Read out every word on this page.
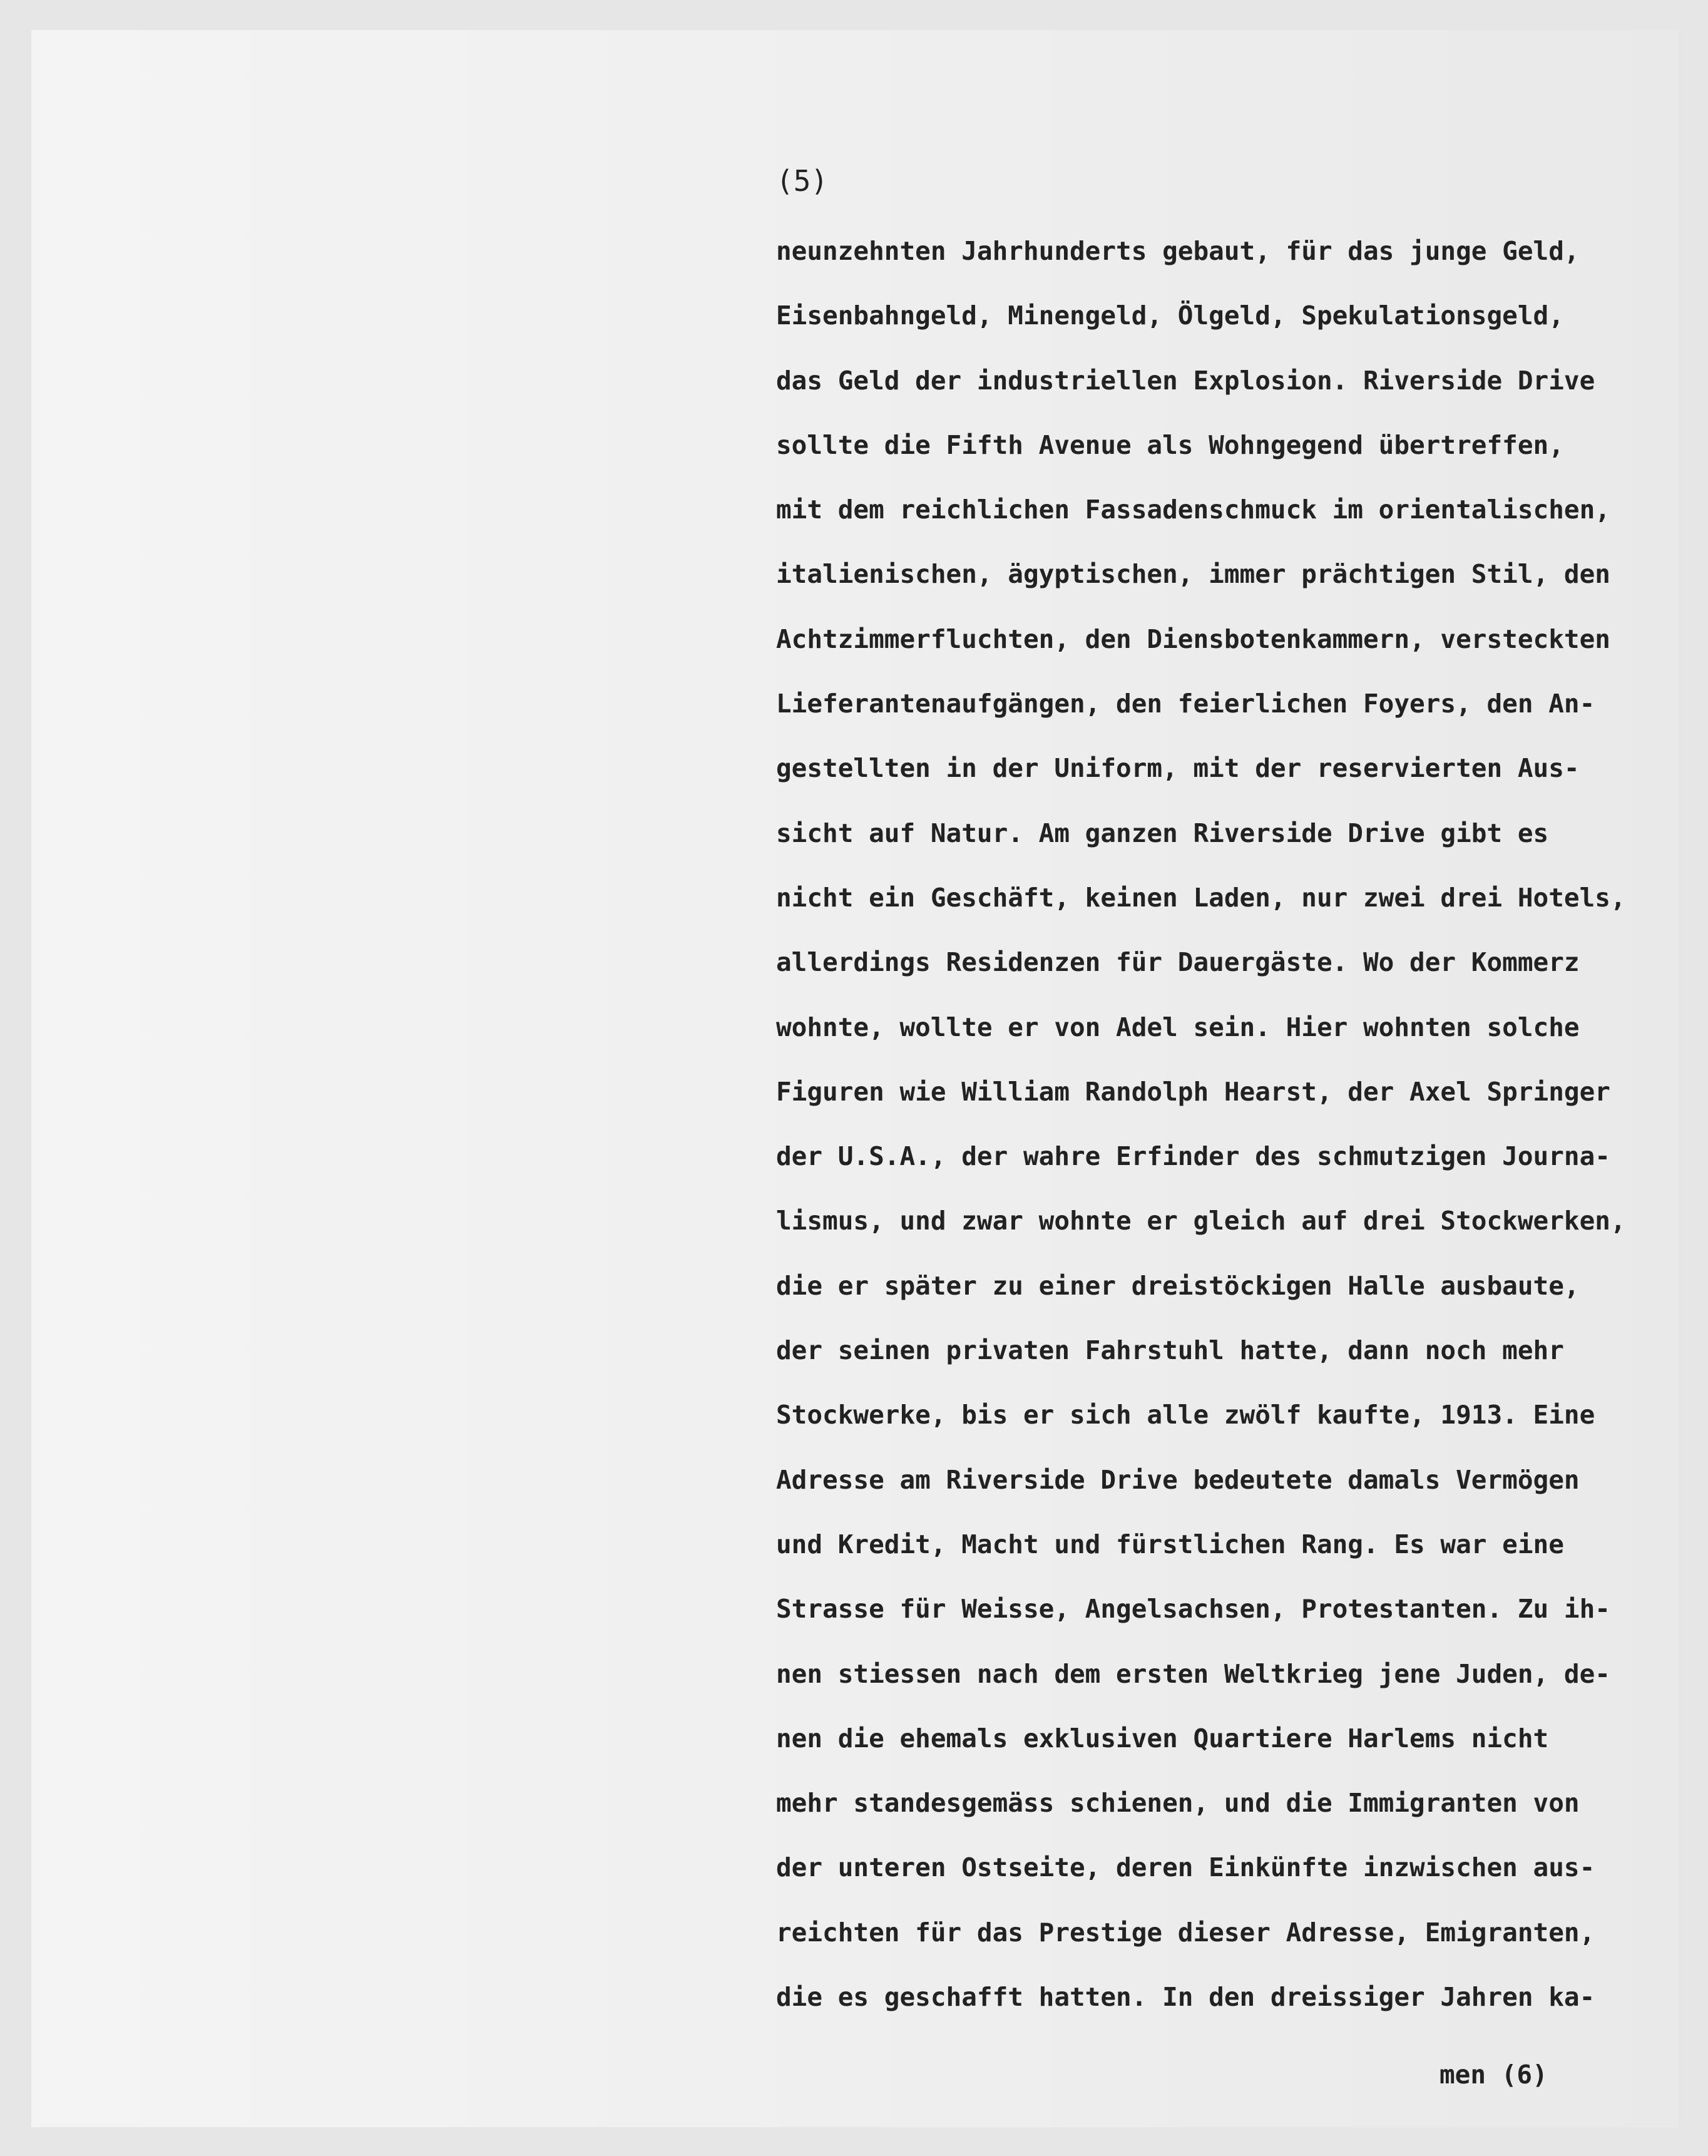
(5)
neunzehnten Jahrhunderts gebaut, für das junge Geld,
Eisenbahngeld, Minengeld, Ölgeld, Spekulationsgeld,
das Geld der industriellen Explosion. Riverside Drive
sollte die Fifth Avenue als Wohngegend übertreffen,
mit dem reichlichen Fassadenschmuck im orientalischen,
italienischen, ägyptischen, immer prächtigen Stil, den
Achtzimmerfluchten, den Diensbotenkammern, versteckten
Lieferantenaufgängen, den feierlichen Foyers, den An-
gestellten in der Uniform, mit der reservierten Aus-
sicht auf Natur. Am ganzen Riverside Drive gibt es
nicht ein Geschäft, keinen Laden, nur zwei drei Hotels,
allerdings Residenzen für Dauergäste. Wo der Kommerz
wohnte, wollte er von Adel sein. Hier wohnten solche
Figuren wie William Randolph Hearst, der Axel Springer
der U.S.A., der wahre Erfinder des schmutzigen Journa-
lismus, und zwar wohnte er gleich auf drei Stockwerken,
die er später zu einer dreistöckigen Halle ausbaute,
der seinen privaten Fahrstuhl hatte, dann noch mehr
Stockwerke, bis er sich alle zwölf kaufte, 1913. Eine
Adresse am Riverside Drive bedeutete damals Vermögen
und Kredit, Macht und fürstlichen Rang. Es war eine
Strasse für Weisse, Angelsachsen, Protestanten. Zu ih-
nen stiessen nach dem ersten Weltkrieg jene Juden, de-
nen die ehemals exklusiven Quartiere Harlems nicht
mehr standesgemäss schienen, und die Immigranten von
der unteren Ostseite, deren Einkünfte inzwischen aus-
reichten für das Prestige dieser Adresse, Emigranten,
die es geschafft hatten. In den dreissiger Jahren ka-
men (6)
